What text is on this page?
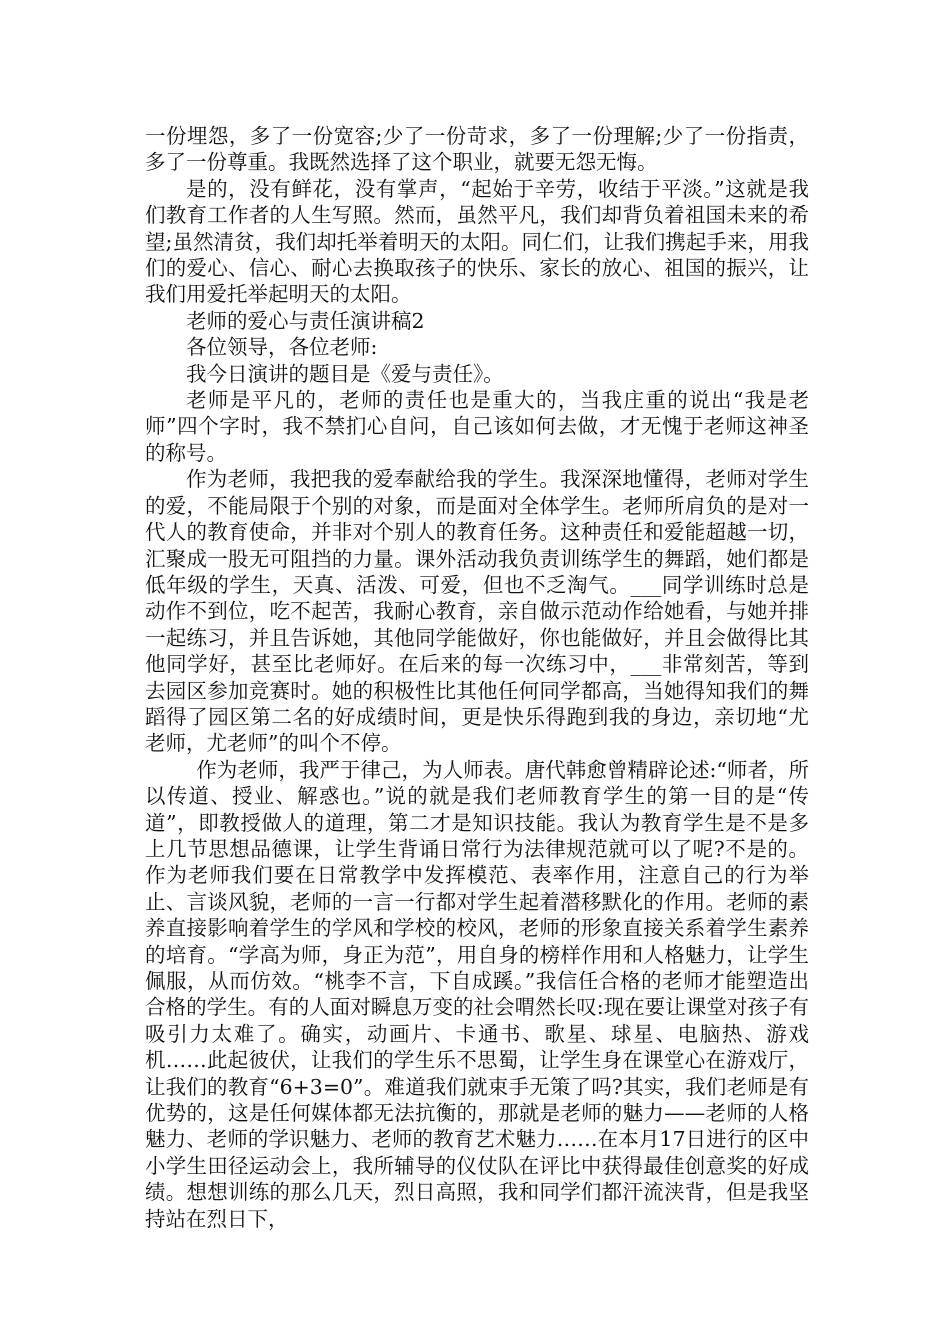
一份埋怨，多了一份宽容;少了一份苛求，多了一份理解;少了一份指责，多了一份尊重。我既然选择了这个职业，就要无怨无悔。

是的，没有鲜花，没有掌声，“起始于辛劳，收结于平淡。”这就是我们教育工作者的人生写照。然而，虽然平凡，我们却背负着祖国未来的希望;虽然清贫，我们却托举着明天的太阳。同仁们，让我们携起手来，用我们的爱心、信心、耐心去换取孩子的快乐、家长的放心、祖国的振兴，让我们用爱托举起明天的太阳。

老师的爱心与责任演讲稿2

各位领导，各位老师:

我今日演讲的题目是《爱与责任》。

老师是平凡的，老师的责任也是重大的，当我庄重的说出“我是老师”四个字时，我不禁扪心自问，自己该如何去做，才无愧于老师这神圣的称号。

作为老师，我把我的爱奉献给我的学生。我深深地懂得，老师对学生的爱，不能局限于个别的对象，而是面对全体学生。老师所肩负的是对一代人的教育使命，并非对个别人的教育任务。这种责任和爱能超越一切，汇聚成一股无可阻挡的力量。课外活动我负责训练学生的舞蹈，她们都是低年级的学生，天真、活泼、可爱，但也不乏淘气。___同学训练时总是动作不到位，吃不起苦，我耐心教育，亲自做示范动作给她看，与她并排一起练习，并且告诉她，其他同学能做好，你也能做好，并且会做得比其他同学好，甚至比老师好。在后来的每一次练习中，___非常刻苦，等到去园区参加竞赛时。她的积极性比其他任何同学都高，当她得知我们的舞蹈得了园区第二名的好成绩时间，更是快乐得跑到我的身边，亲切地“尤老师，尤老师”的叫个不停。

作为老师，我严于律己，为人师表。唐代韩愈曾精辟论述:“师者，所以传道、授业、解惑也。”说的就是我们老师教育学生的第一目的是“传道”，即教授做人的道理，第二才是知识技能。我认为教育学生是不是多上几节思想品德课，让学生背诵日常行为法律规范就可以了呢?不是的。作为老师我们要在日常教学中发挥模范、表率作用，注意自己的行为举止、言谈风貌，老师的一言一行都对学生起着潜移默化的作用。老师的素养直接影响着学生的学风和学校的校风，老师的形象直接关系着学生素养的培育。“学高为师，身正为范”，用自身的榜样作用和人格魅力，让学生佩服，从而仿效。“桃李不言，下自成蹊。”我信任合格的老师才能塑造出合格的学生。有的人面对瞬息万变的社会喟然长叹:现在要让课堂对孩子有吸引力太难了。确实，动画片、卡通书、歌星、球星、电脑热、游戏机……此起彼伏，让我们的学生乐不思蜀，让学生身在课堂心在游戏厅，让我们的教育“6+3=0”。难道我们就束手无策了吗?其实，我们老师是有优势的，这是任何媒体都无法抗衡的，那就是老师的魅力——老师的人格魅力、老师的学识魅力、老师的教育艺术魅力……在本月17日进行的区中小学生田径运动会上，我所辅导的仪仗队在评比中获得最佳创意奖的好成绩。想想训练的那么几天，烈日高照，我和同学们都汗流浃背，但是我坚持站在烈日下，
